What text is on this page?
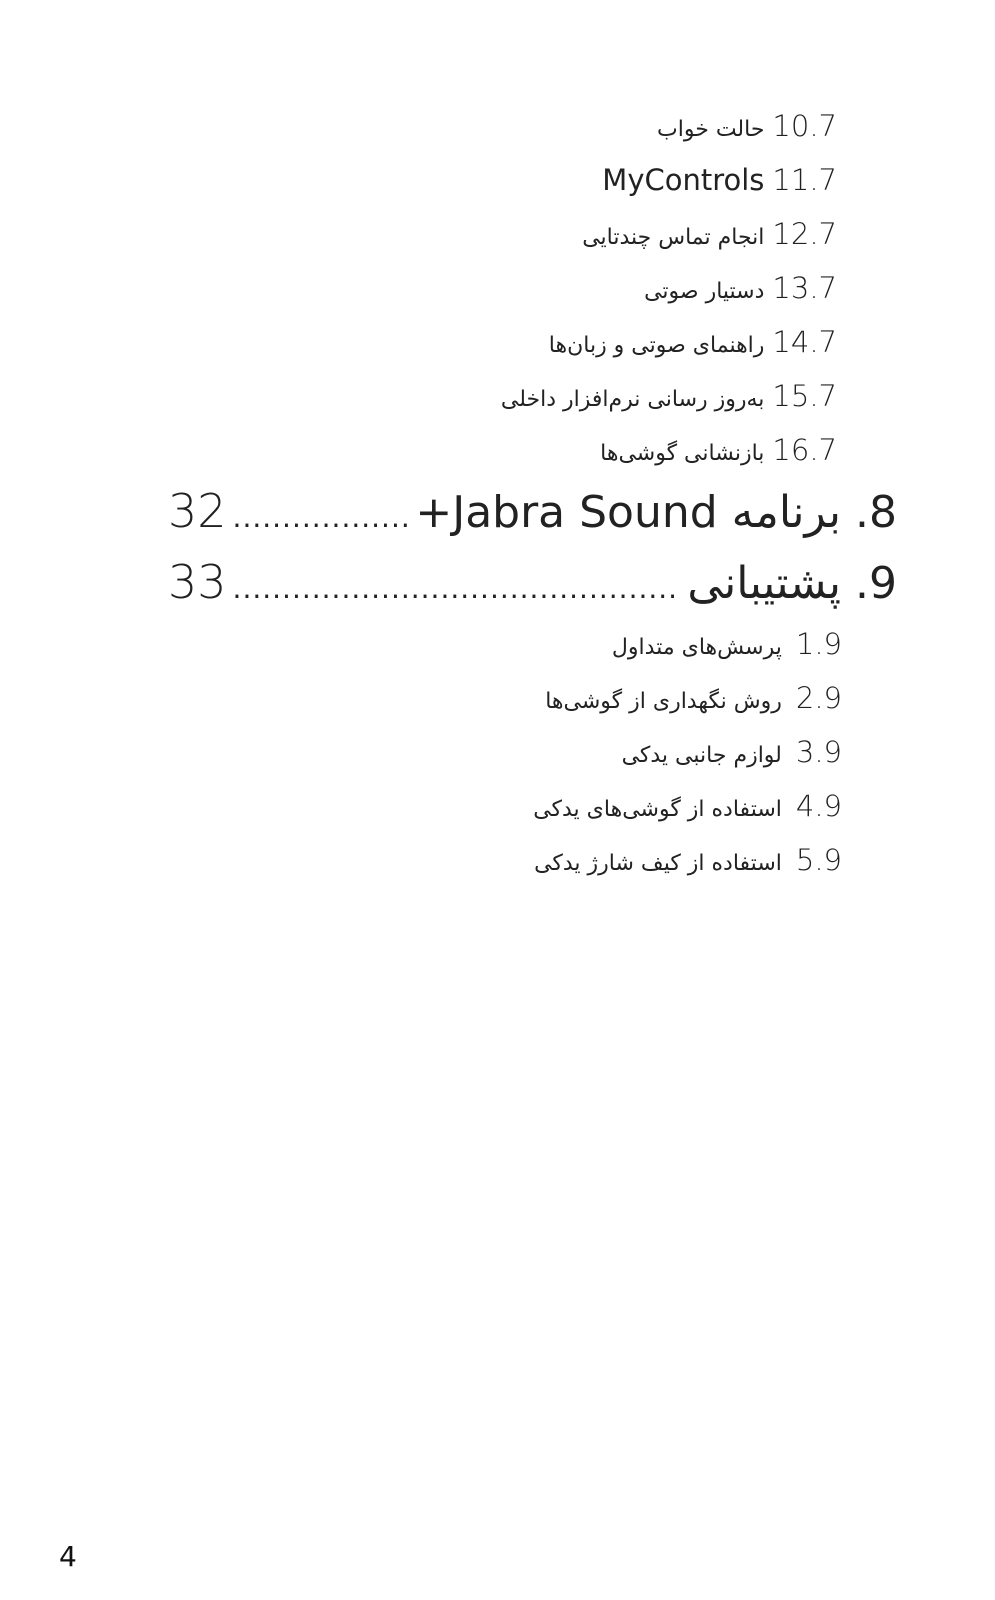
10.7
حالت خواب
11.7
MyControls
12.7
انجام تماس چندتایی
13.7
دستیار صوتی
14.7
راهنمای صوتی و زبان‌ها
15.7
به‌روز رسانی نرم‌افزار داخلی
16.7
بازنشانی گوشی‌ها
32 .....	برنامه Jabra Sound+ .8
33 .....	پشتیبانی .9
1.9
پرسش‌های متداول
2.9
روش نگهداری از گوشی‌ها
3.9
لوازم جانبی یدکی
4.9
استفاده از گوشی‌های یدکی
5.9
استفاده از کیف شارژ یدکی
4
